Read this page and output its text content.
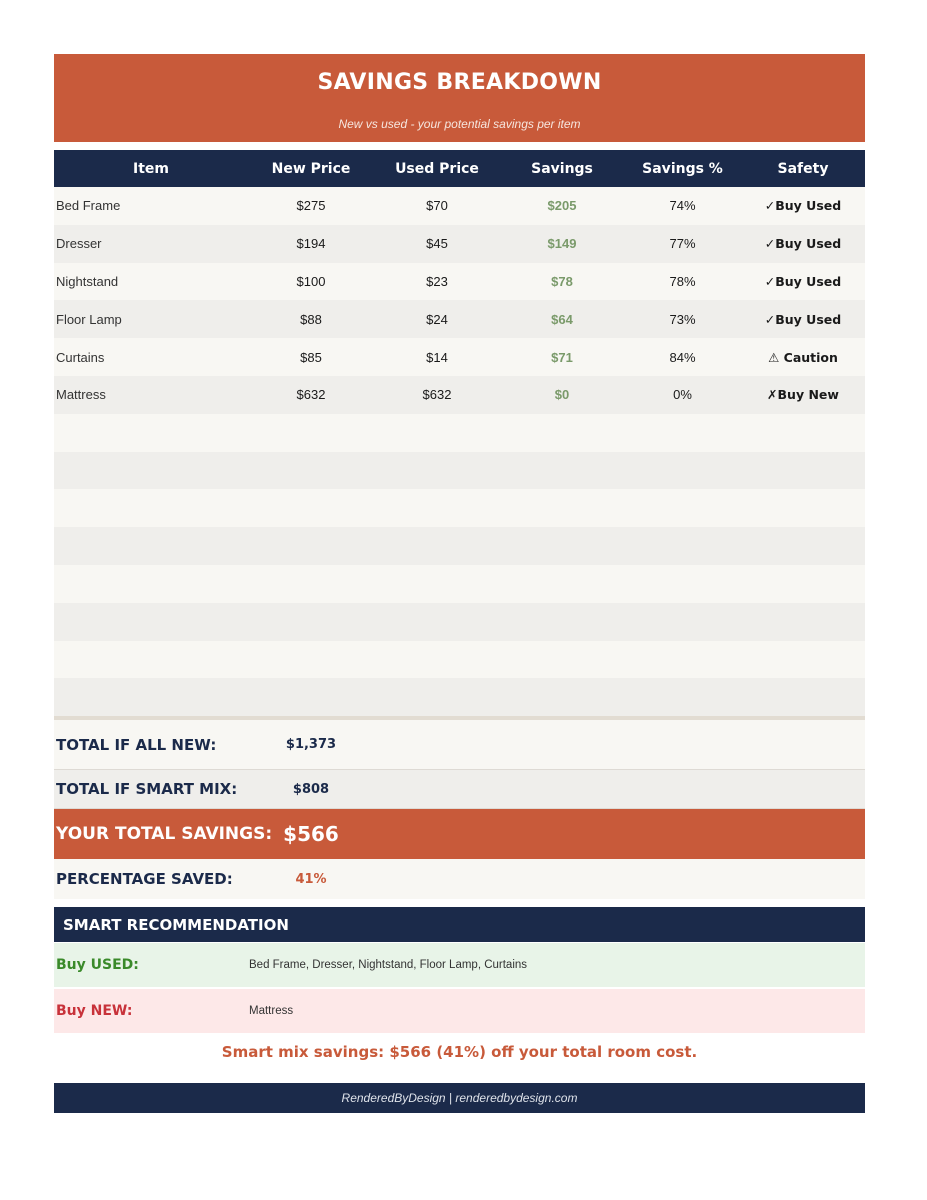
SAVINGS BREAKDOWN
New vs used - your potential savings per item
Item	New Price	Used Price	Savings	Savings %	Safety
Bed Frame	$275	$70	$205	74%	✓Buy Used
Dresser	$194	$45	$149	77%	✓Buy Used
Nightstand	$100	$23	$78	78%	✓Buy Used
Floor Lamp	$88	$24	$64	73%	✓Buy Used
Curtains	$85	$14	$71	84%	⚠ Caution
Mattress	$632	$632	$0	0%	✗Buy New
TOTAL IF ALL NEW:	$1,373
TOTAL IF SMART MIX:	$808
YOUR TOTAL SAVINGS: $566
PERCENTAGE SAVED:	41%
SMART RECOMMENDATION
Buy USED:	Bed Frame, Dresser, Nightstand, Floor Lamp, Curtains
Buy NEW:	Mattress
Smart mix savings: $566 (41%) off your total room cost.
RenderedByDesign | renderedbydesign.com
